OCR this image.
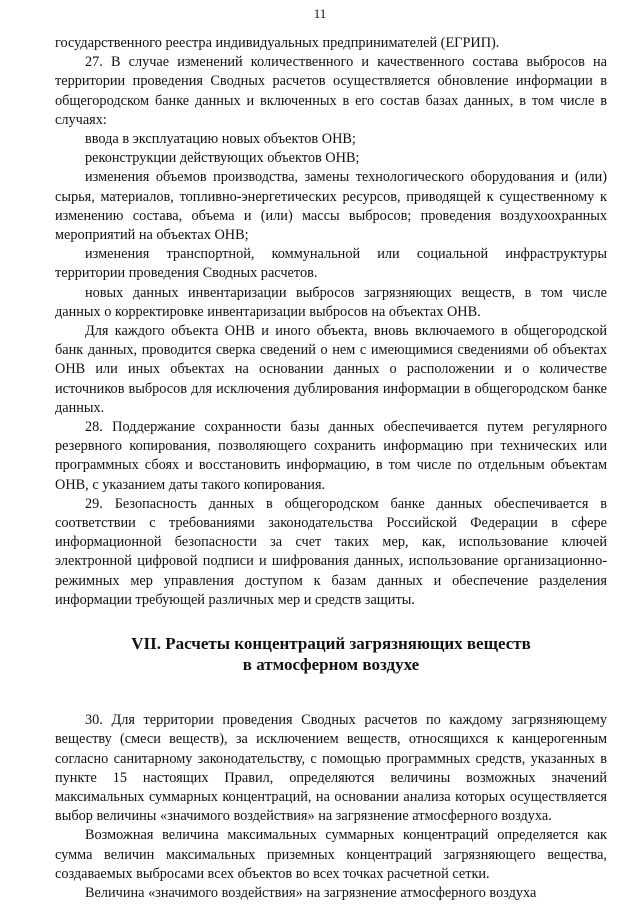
11

государственного реестра индивидуальных предпринимателей (ЕГРИП).

27. В случае изменений количественного и качественного состава выбросов на территории проведения Сводных расчетов осуществляется обновление информации в общегородском банке данных и включенных в его состав базах данных, в том числе в случаях:

ввода в эксплуатацию новых объектов ОНВ;

реконструкции действующих объектов ОНВ;

изменения объемов производства, замены технологического оборудования и (или) сырья, материалов, топливно-энергетических ресурсов, приводящей к существенному к изменению состава, объема и (или) массы выбросов; проведения воздухоохранных мероприятий на объектах ОНВ;

изменения транспортной, коммунальной или социальной инфраструктуры территории проведения Сводных расчетов.

новых данных инвентаризации выбросов загрязняющих веществ, в том числе данных о корректировке инвентаризации выбросов на объектах ОНВ.

Для каждого объекта ОНВ и иного объекта, вновь включаемого в общегородской банк данных, проводится сверка сведений о нем с имеющимися сведениями об объектах ОНВ или иных объектах на основании данных о расположении и о количестве источников выбросов для исключения дублирования информации в общегородском банке данных.

28. Поддержание сохранности базы данных обеспечивается путем регулярного резервного копирования, позволяющего сохранить информацию при технических или программных сбоях и восстановить информацию, в том числе по отдельным объектам ОНВ, с указанием даты такого копирования.

29. Безопасность данных в общегородском банке данных обеспечивается в соответствии с требованиями законодательства Российской Федерации в сфере информационной безопасности за счет таких мер, как, использование ключей электронной цифровой подписи и шифрования данных, использование организационно-режимных мер управления доступом к базам данных и обеспечение разделения информации требующей различных мер и средств защиты.

VII. Расчеты концентраций загрязняющих веществ
в атмосферном воздухе

30. Для территории проведения Сводных расчетов по каждому загрязняющему веществу (смеси веществ), за исключением веществ, относящихся к канцерогенным согласно санитарному законодательству, с помощью программных средств, указанных в пункте 15 настоящих Правил, определяются величины возможных значений максимальных суммарных концентраций, на основании анализа которых осуществляется выбор величины «значимого воздействия» на загрязнение атмосферного воздуха.

Возможная величина максимальных суммарных концентраций определяется как сумма величин максимальных приземных концентраций загрязняющего вещества, создаваемых выбросами всех объектов во всех точках расчетной сетки.

Величина «значимого воздействия» на загрязнение атмосферного воздуха
